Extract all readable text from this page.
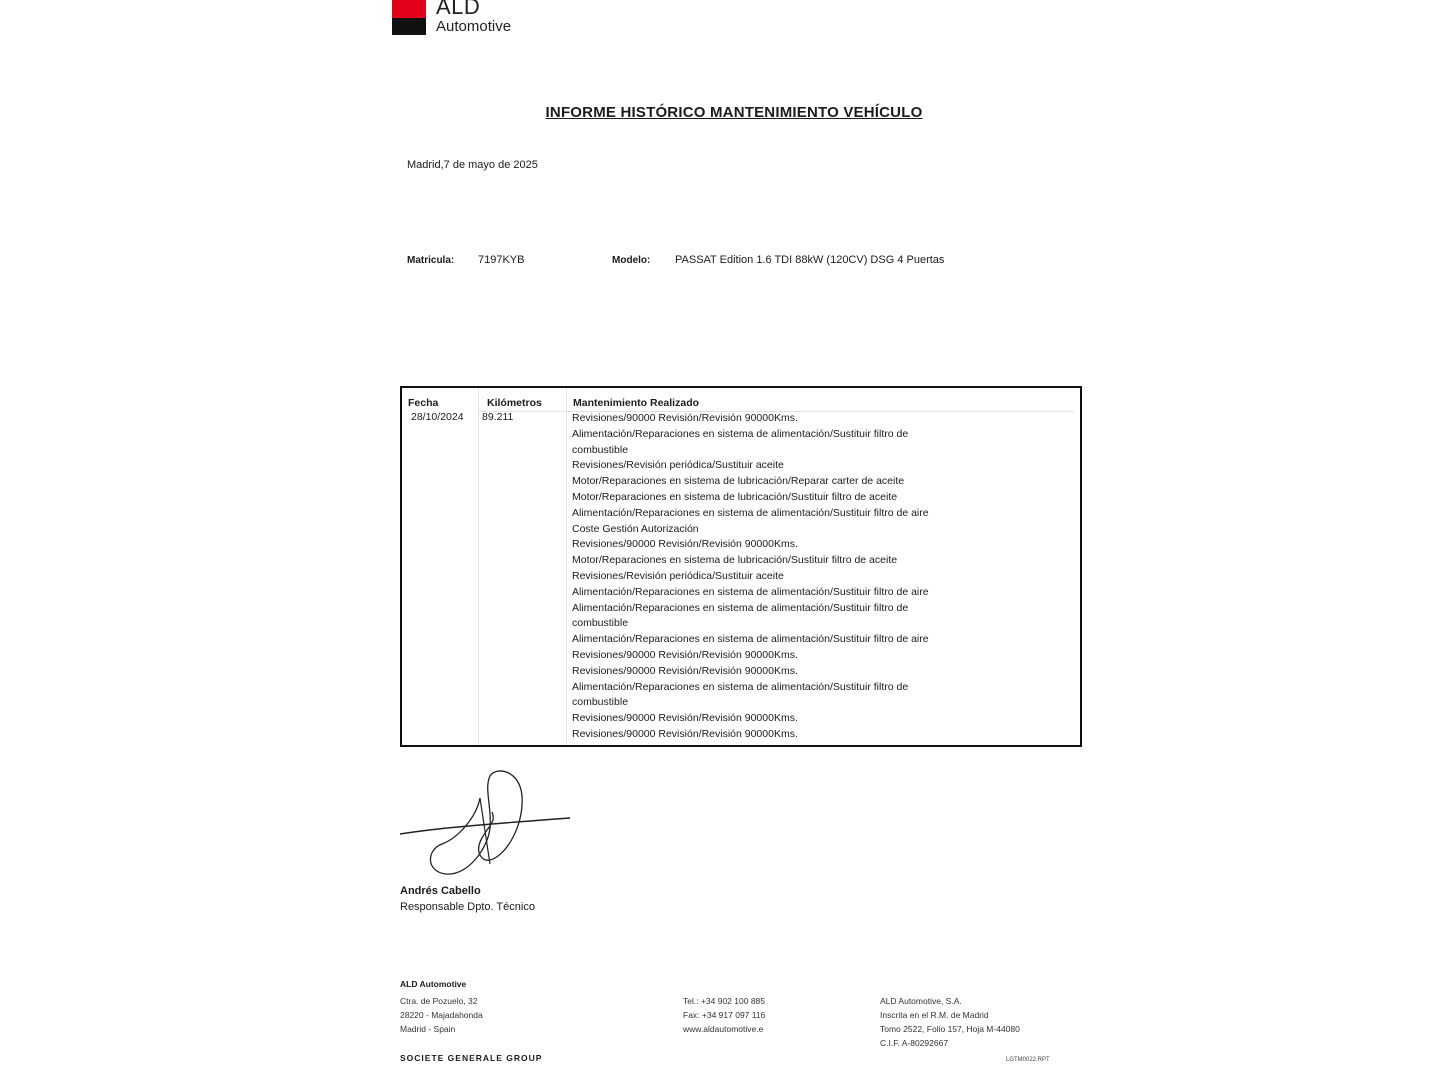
ALD
Automotive
INFORME HISTÓRICO MANTENIMIENTO VEHÍCULO
Madrid,7 de mayo de 2025
Matricula: 7197KYB	Modelo: PASSAT Edition 1.6 TDI 88kW (120CV) DSG 4 Puertas
Fecha	Kilómetros	Mantenimiento Realizado
28/10/2024 89.211	Revisiones/90000 Revisión/Revisión 90000Kms.
Alimentación/Reparaciones en sistema de alimentación/Sustituir filtro de
combustible
Revisiones/Revisión periódica/Sustituir aceite
Motor/Reparaciones en sistema de lubricación/Reparar carter de aceite
Motor/Reparaciones en sistema de lubricación/Sustituir filtro de aceite
Alimentación/Reparaciones en sistema de alimentación/Sustituir filtro de aire
Coste Gestión Autorización
Revisiones/90000 Revisión/Revisión 90000Kms.
Motor/Reparaciones en sistema de lubricación/Sustituir filtro de aceite
Revisiones/Revisión periódica/Sustituir aceite
Alimentación/Reparaciones en sistema de alimentación/Sustituir filtro de aire
Alimentación/Reparaciones en sistema de alimentación/Sustituir filtro de
combustible
Alimentación/Reparaciones en sistema de alimentación/Sustituir filtro de aire
Revisiones/90000 Revisión/Revisión 90000Kms.
Revisiones/90000 Revisión/Revisión 90000Kms.
Alimentación/Reparaciones en sistema de alimentación/Sustituir filtro de
combustible
Revisiones/90000 Revisión/Revisión 90000Kms.
Revisiones/90000 Revisión/Revisión 90000Kms.
Andrés Cabello
Responsable Dpto. Técnico
ALD Automotive
Ctra. de Pozuelo, 32
28220 - Majadahonda
Madrid - Spain
Tel.: +34 902 100 885
Fax: +34 917 097 116
www.aldautomotive.e
ALD Automotive, S.A.
Inscrita en el R.M. de Madrid
Tomo 2522, Folio 157, Hoja M-44080
C.I.F. A-80292667
SOCIETE GENERALE GROUP	LGTM0022.RPT
